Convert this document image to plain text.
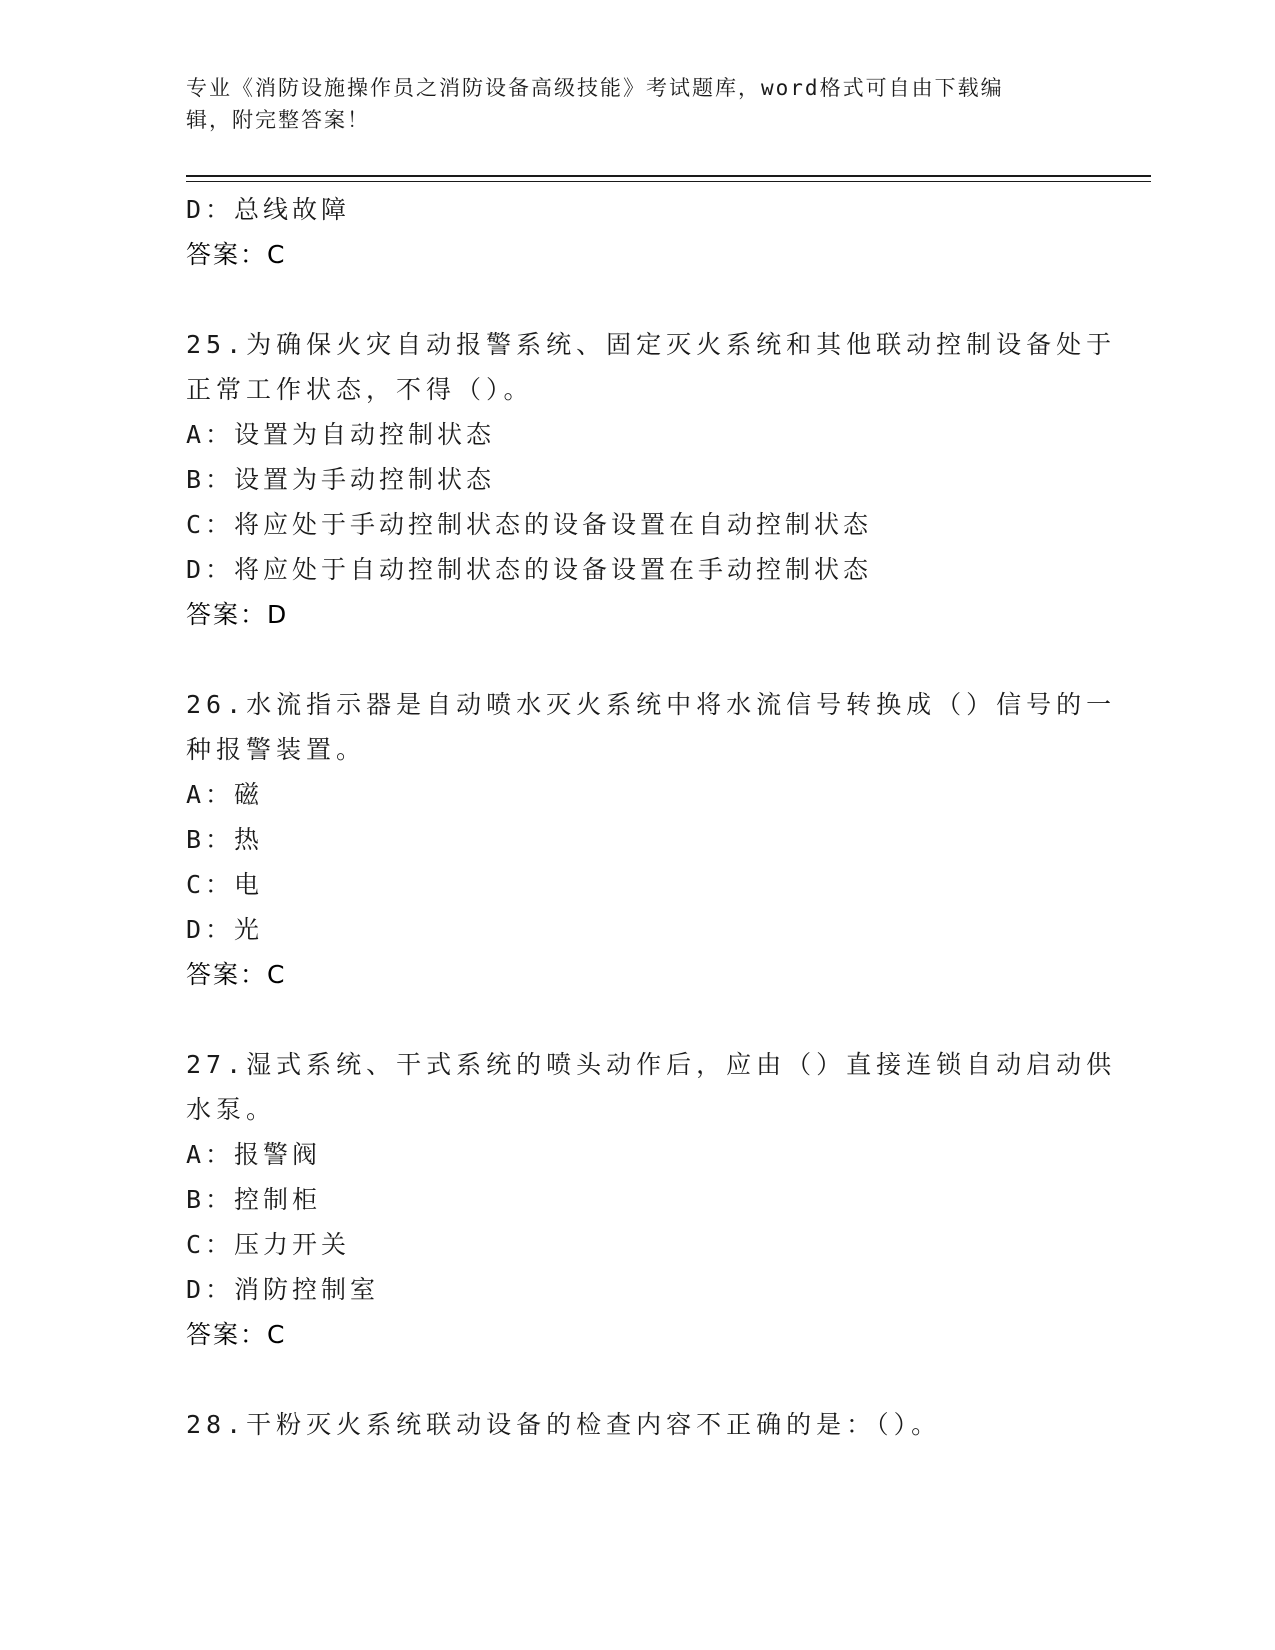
专业《消防设施操作员之消防设备高级技能》考试题库，word格式可自由下载编
辑，附完整答案！
D：总线故障
答案：C
25.为确保火灾自动报警系统、固定灭火系统和其他联动控制设备处于
正常工作状态，不得（）。
A：设置为自动控制状态
B：设置为手动控制状态
C：将应处于手动控制状态的设备设置在自动控制状态
D：将应处于自动控制状态的设备设置在手动控制状态
答案：D
26.水流指示器是自动喷水灭火系统中将水流信号转换成（）信号的一
种报警装置。
A：磁
B：热
C：电
D：光
答案：C
27.湿式系统、干式系统的喷头动作后，应由（）直接连锁自动启动供
水泵。
A：报警阀
B：控制柜
C：压力开关
D：消防控制室
答案：C
28.干粉灭火系统联动设备的检查内容不正确的是：（）。
